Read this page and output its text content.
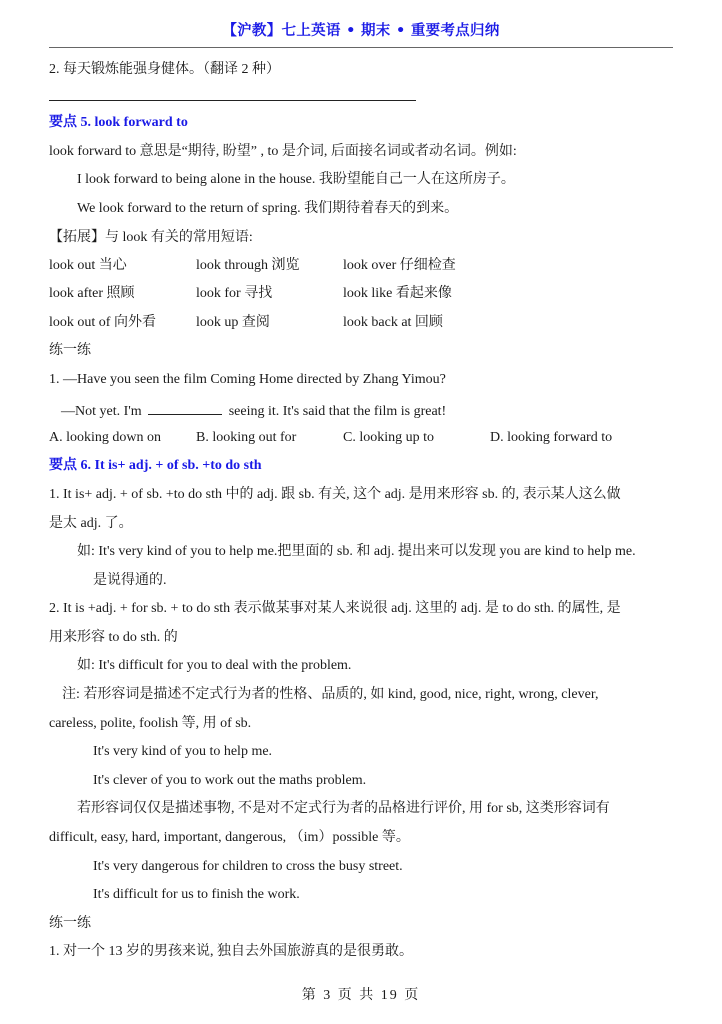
【沪教】七上英语 • 期末 • 重要考点归纳
2. 每天锻炼能强身健体。（翻译 2 种）
要点 5. look forward to
look forward to 意思是“期待, 盼望” , to 是介词, 后面接名词或者动名词。例如:
I look forward to being alone in the house. 我盼望能自己一人在这所房子。
We look forward to the return of spring. 我们期待着春天的到来。
【拓展】与 look 有关的常用短语:
look out 当心	look through 浏览	look over 仔细检查
look after 照顾	look for 寻找	look like 看起来像
look out of 向外看	look up 查阅	look back at 回顾
练一练
1. —Have you seen the film Coming Home directed by Zhang Yimou?
—Not yet. I'm	seeing it. It's said that the film is great!
A. looking down on	B. looking out for	C. looking up to	D. looking forward to
要点 6. It is+ adj. + of sb. +to do sth
1. It is+ adj. + of sb. +to do sth 中的 adj. 跟 sb. 有关, 这个 adj. 是用来形容 sb. 的, 表示某人这么做
是太 adj. 了。
如: It's very kind of you to help me.把里面的 sb. 和 adj. 提出来可以发现 you are kind to help me.
是说得通的.
2. It is +adj. + for sb. + to do sth 表示做某事对某人来说很 adj. 这里的 adj. 是 to do sth. 的属性, 是
用来形容 to do sth. 的
如: It's difficult for you to deal with the problem.
注: 若形容词是描述不定式行为者的性格、品质的, 如 kind, good, nice, right, wrong, clever,
careless, polite, foolish 等, 用 of sb.
It's very kind of you to help me.
It's clever of you to work out the maths problem.
若形容词仅仅是描述事物, 不是对不定式行为者的品格进行评价, 用 for sb, 这类形容词有
difficult, easy, hard, important, dangerous, （im）possible 等。
It's very dangerous for children to cross the busy street.
It's difficult for us to finish the work.
练一练
1. 对一个 13 岁的男孩来说, 独自去外国旅游真的是很勇敢。
第 3 页 共 19 页
